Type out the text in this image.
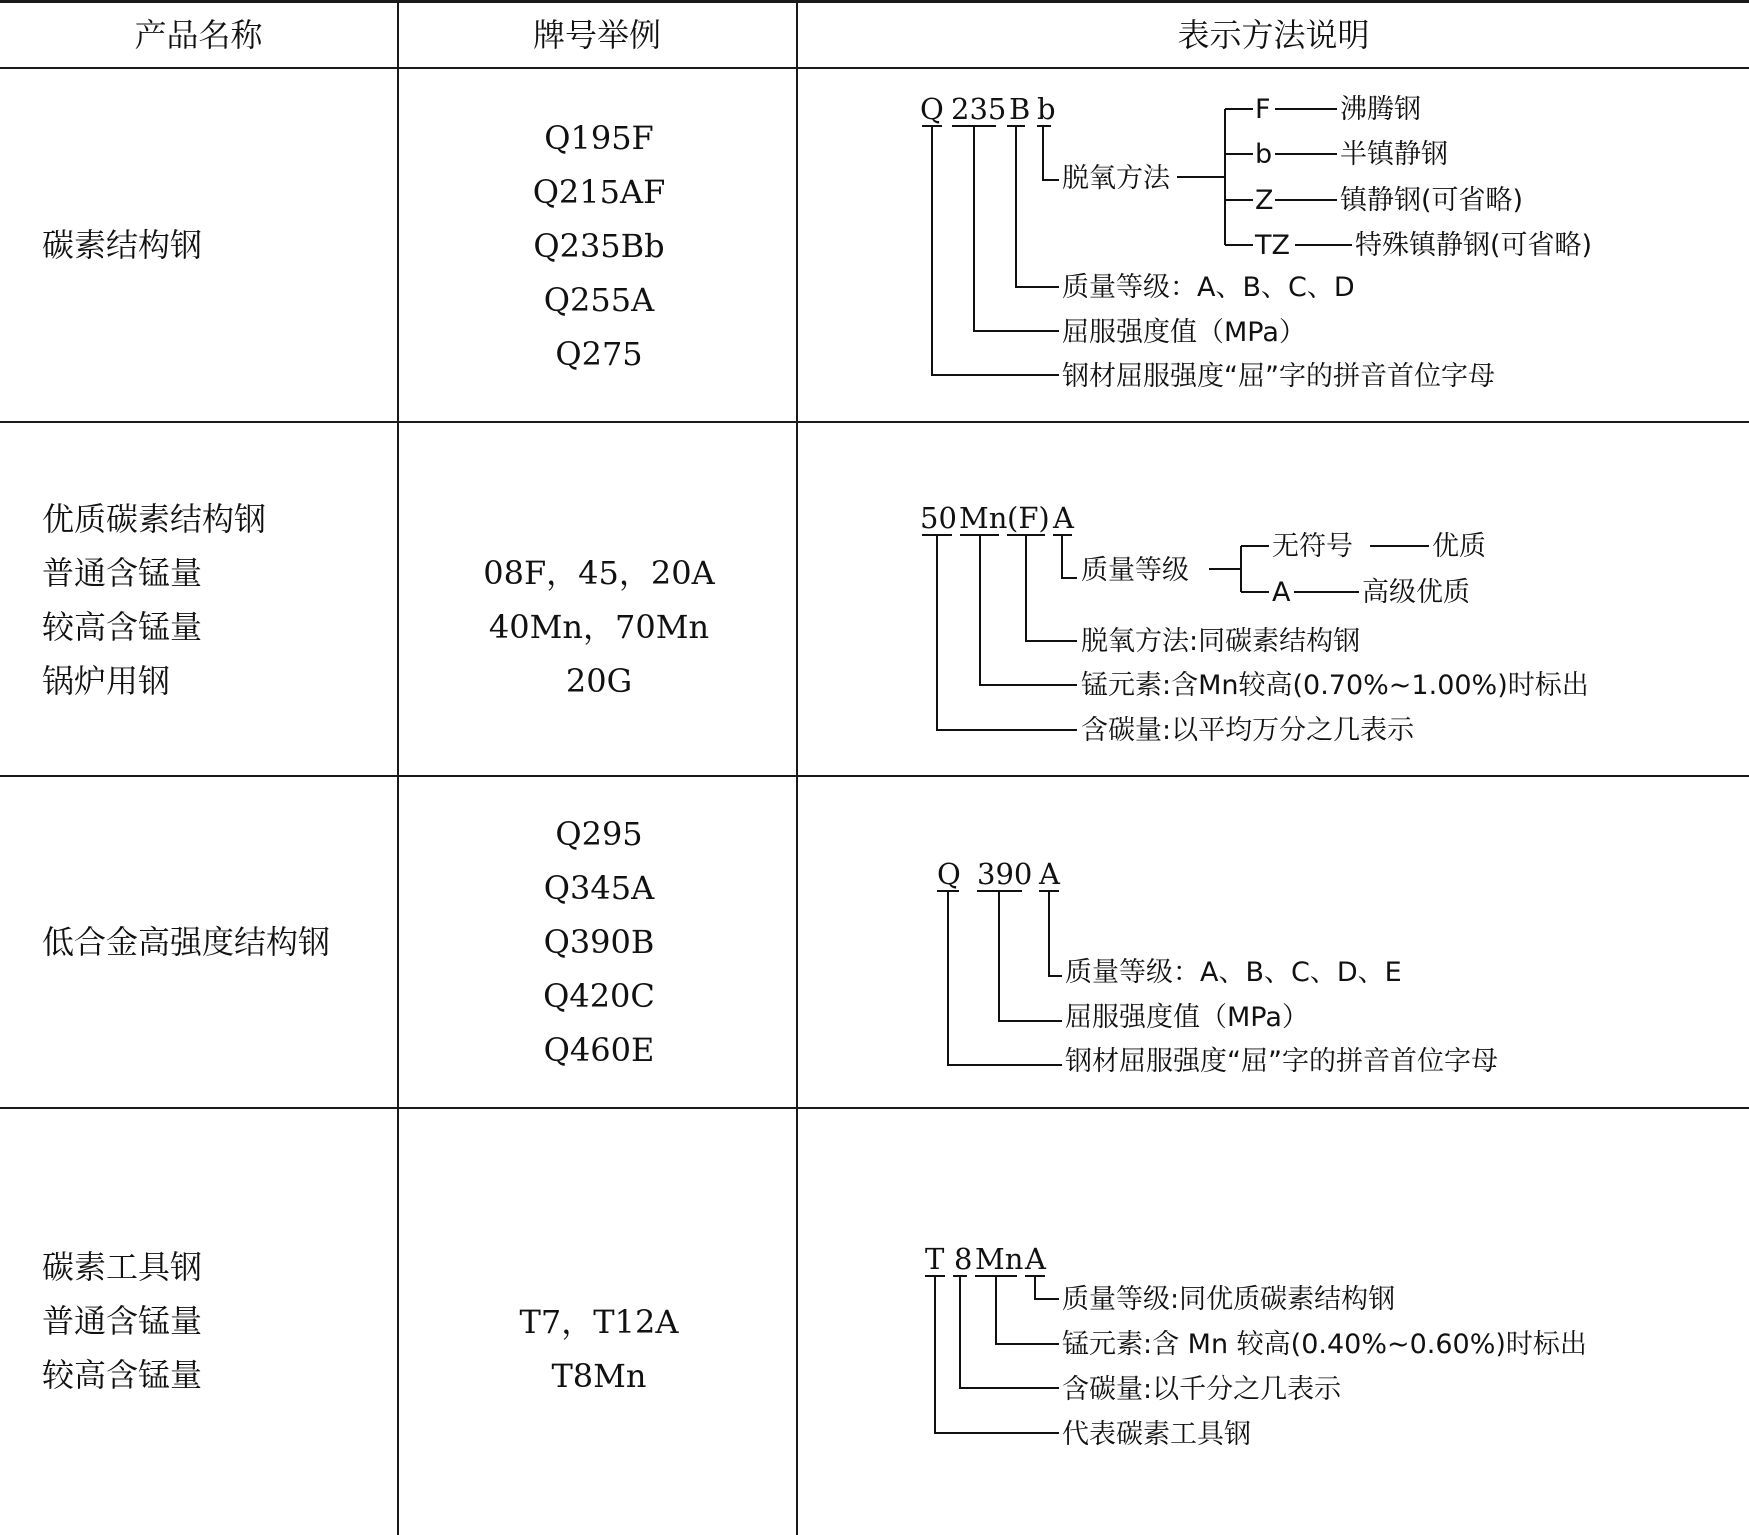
产品名称	牌号举例	表示方法说明
碳素结构钢
Q195F
Q215AF
Q235Bb
Q255A
Q275
Q 235 B b
脱氧方法
质量等级：A、B、C、D
屈服强度值（MPa）
钢材屈服强度“屈”字的拼音首位字母
F
b
Z
TZ
沸腾钢
半镇静钢
镇静钢(可省略)
特殊镇静钢(可省略)
优质碳素结构钢
普通含锰量
较高含锰量
锅炉用钢
08F，45，20A
40Mn，70Mn
20G
50 Mn (F) A
质量等级
脱氧方法:同碳素结构钢
锰元素:含Mn较高(0.70%~1.00%)时标出
含碳量:以平均万分之几表示
无符号
A
优质
高级优质
低合金高强度结构钢
Q295
Q345A
Q390B
Q420C
Q460E
Q 390 A
质量等级：A、B、C、D、E
屈服强度值（MPa）
钢材屈服强度“屈”字的拼音首位字母
碳素工具钢
普通含锰量
较高含锰量
T7，T12A
T8Mn
T 8 Mn A
质量等级:同优质碳素结构钢
锰元素:含 Mn 较高(0.40%~0.60%)时标出
含碳量:以千分之几表示
代表碳素工具钢
